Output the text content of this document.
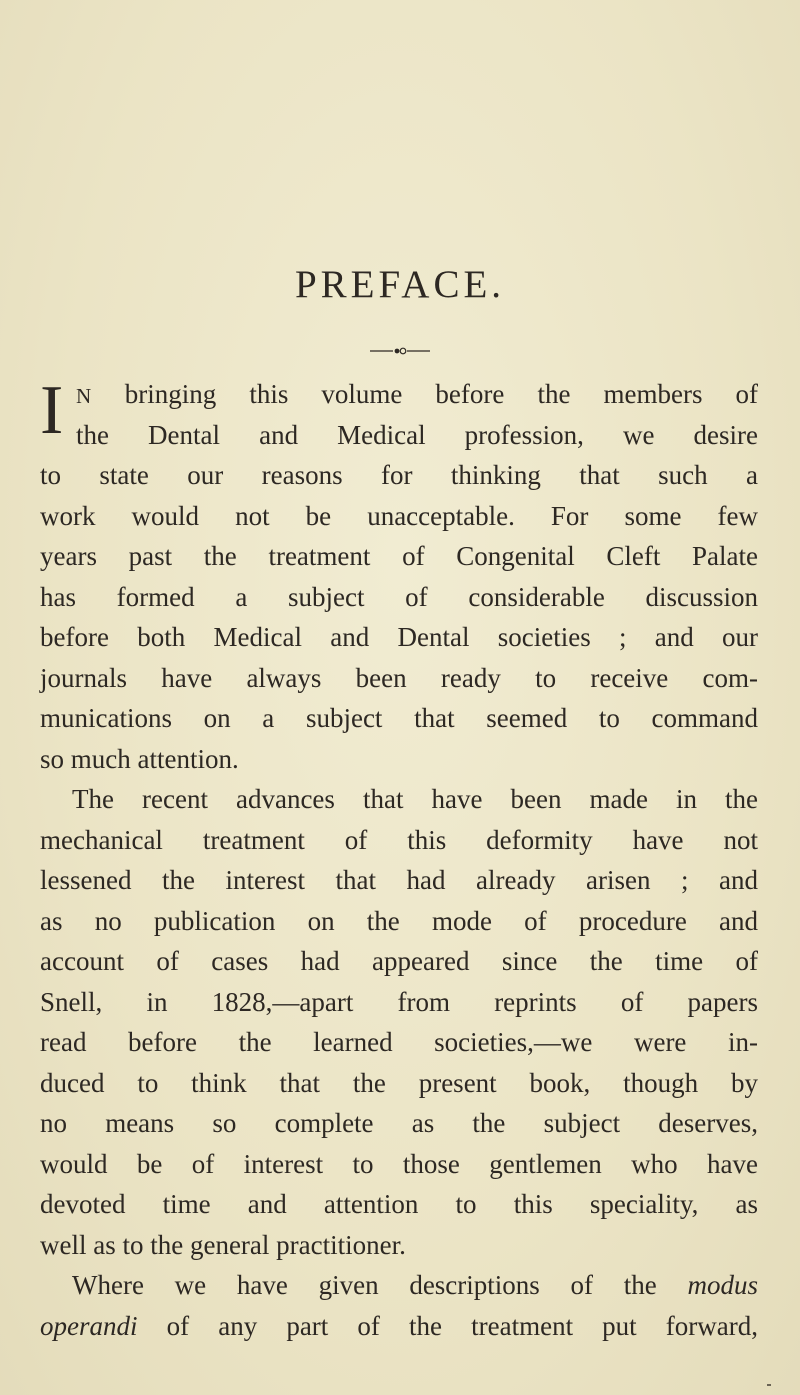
PREFACE.
I N bringing this volume before the members of
the Dental and Medical profession, we desire
to state our reasons for thinking that such a
work would not be unacceptable. For some few
years past the treatment of Congenital Cleft Palate
has formed a subject of considerable discussion
before both Medical and Dental societies ; and our
journals have always been ready to receive com-
munications on a subject that seemed to command
so much attention.
The recent advances that have been made in the
mechanical treatment of this deformity have not
lessened the interest that had already arisen ; and
as no publication on the mode of procedure and
account of cases had appeared since the time of
Snell, in 1828,—apart from reprints of papers
read before the learned societies,—we were in-
duced to think that the present book, though by
no means so complete as the subject deserves,
would be of interest to those gentlemen who have
devoted time and attention to this speciality, as
well as to the general practitioner.
Where we have given descriptions of the modus
operandi of any part of the treatment put forward,
